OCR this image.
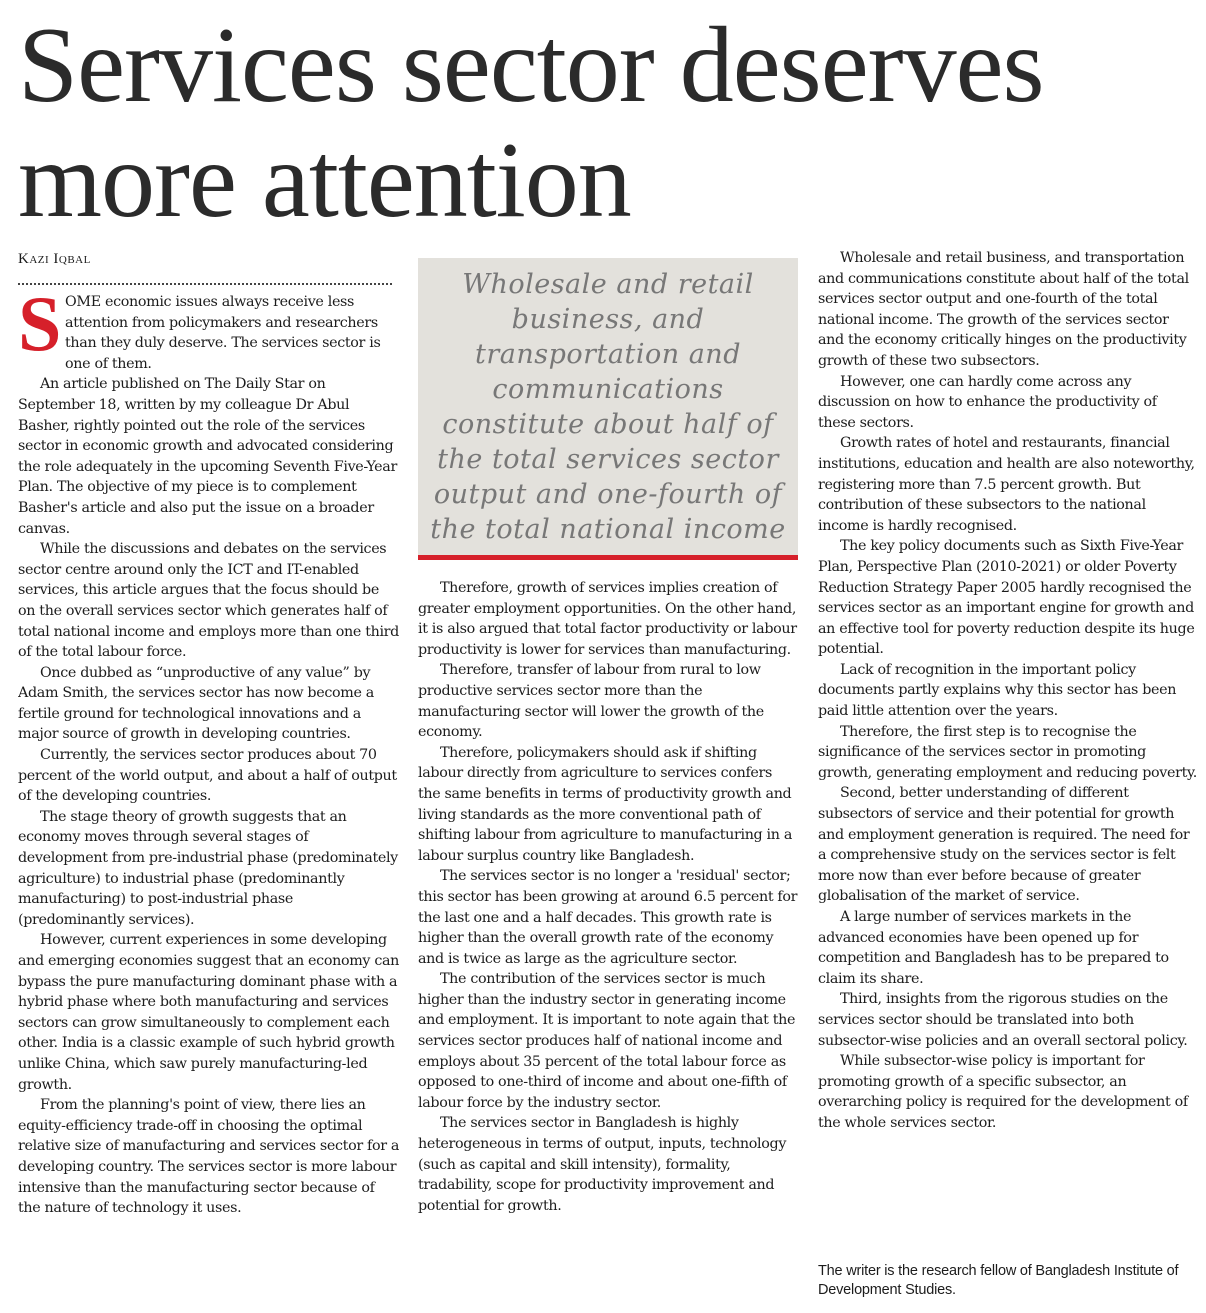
Services sector deserves more attention
Kazi Iqbal

SOME economic issues always receive less attention from policymakers and researchers than they duly deserve. The services sector is one of them.

An article published on The Daily Star on September 18, written by my colleague Dr Abul Basher, rightly pointed out the role of the services sector in economic growth and advocated considering the role adequately in the upcoming Seventh Five-Year Plan. The objective of my piece is to complement Basher's article and also put the issue on a broader canvas.

While the discussions and debates on the services sector centre around only the ICT and IT-enabled services, this article argues that the focus should be on the overall services sector which generates half of total national income and employs more than one third of the total labour force.

Once dubbed as “unproductive of any value” by Adam Smith, the services sector has now become a fertile ground for technological innovations and a major source of growth in developing countries.

Currently, the services sector produces about 70 percent of the world output, and about a half of output of the developing countries.

The stage theory of growth suggests that an economy moves through several stages of development from pre-industrial phase (predominately agriculture) to industrial phase (predominantly manufacturing) to post-industrial phase (predominantly services).

However, current experiences in some developing and emerging economies suggest that an economy can bypass the pure manufacturing dominant phase with a hybrid phase where both manufacturing and services sectors can grow simultaneously to complement each other. India is a classic example of such hybrid growth unlike China, which saw purely manufacturing-led growth.

From the planning's point of view, there lies an equity-efficiency trade-off in choosing the optimal relative size of manufacturing and services sector for a developing country. The services sector is more labour intensive than the manufacturing sector because of the nature of technology it uses.

Wholesale and retail business, and transportation and communications constitute about half of the total services sector output and one-fourth of the total national income

Therefore, growth of services implies creation of greater employment opportunities. On the other hand, it is also argued that total factor productivity or labour productivity is lower for services than manufacturing.

Therefore, transfer of labour from rural to low productive services sector more than the manufacturing sector will lower the growth of the economy.

Therefore, policymakers should ask if shifting labour directly from agriculture to services confers the same benefits in terms of productivity growth and living standards as the more conventional path of shifting labour from agriculture to manufacturing in a labour surplus country like Bangladesh.

The services sector is no longer a 'residual' sector; this sector has been growing at around 6.5 percent for the last one and a half decades. This growth rate is higher than the overall growth rate of the economy and is twice as large as the agriculture sector.

The contribution of the services sector is much higher than the industry sector in generating income and employment. It is important to note again that the services sector produces half of national income and employs about 35 percent of the total labour force as opposed to one-third of income and about one-fifth of labour force by the industry sector.

The services sector in Bangladesh is highly heterogeneous in terms of output, inputs, technology (such as capital and skill intensity), formality, tradability, scope for productivity improvement and potential for growth.

Wholesale and retail business, and transportation and communications constitute about half of the total services sector output and one-fourth of the total national income. The growth of the services sector and the economy critically hinges on the productivity growth of these two subsectors.

However, one can hardly come across any discussion on how to enhance the productivity of these sectors.

Growth rates of hotel and restaurants, financial institutions, education and health are also noteworthy, registering more than 7.5 percent growth. But contribution of these subsectors to the national income is hardly recognised.

The key policy documents such as Sixth Five-Year Plan, Perspective Plan (2010-2021) or older Poverty Reduction Strategy Paper 2005 hardly recognised the services sector as an important engine for growth and an effective tool for poverty reduction despite its huge potential.

Lack of recognition in the important policy documents partly explains why this sector has been paid little attention over the years.

Therefore, the first step is to recognise the significance of the services sector in promoting growth, generating employment and reducing poverty.

Second, better understanding of different subsectors of service and their potential for growth and employment generation is required. The need for a comprehensive study on the services sector is felt more now than ever before because of greater globalisation of the market of service.

A large number of services markets in the advanced economies have been opened up for competition and Bangladesh has to be prepared to claim its share.

Third, insights from the rigorous studies on the services sector should be translated into both subsector-wise policies and an overall sectoral policy.

While subsector-wise policy is important for promoting growth of a specific subsector, an overarching policy is required for the development of the whole services sector.

The writer is the research fellow of Bangladesh Institute of Development Studies.
